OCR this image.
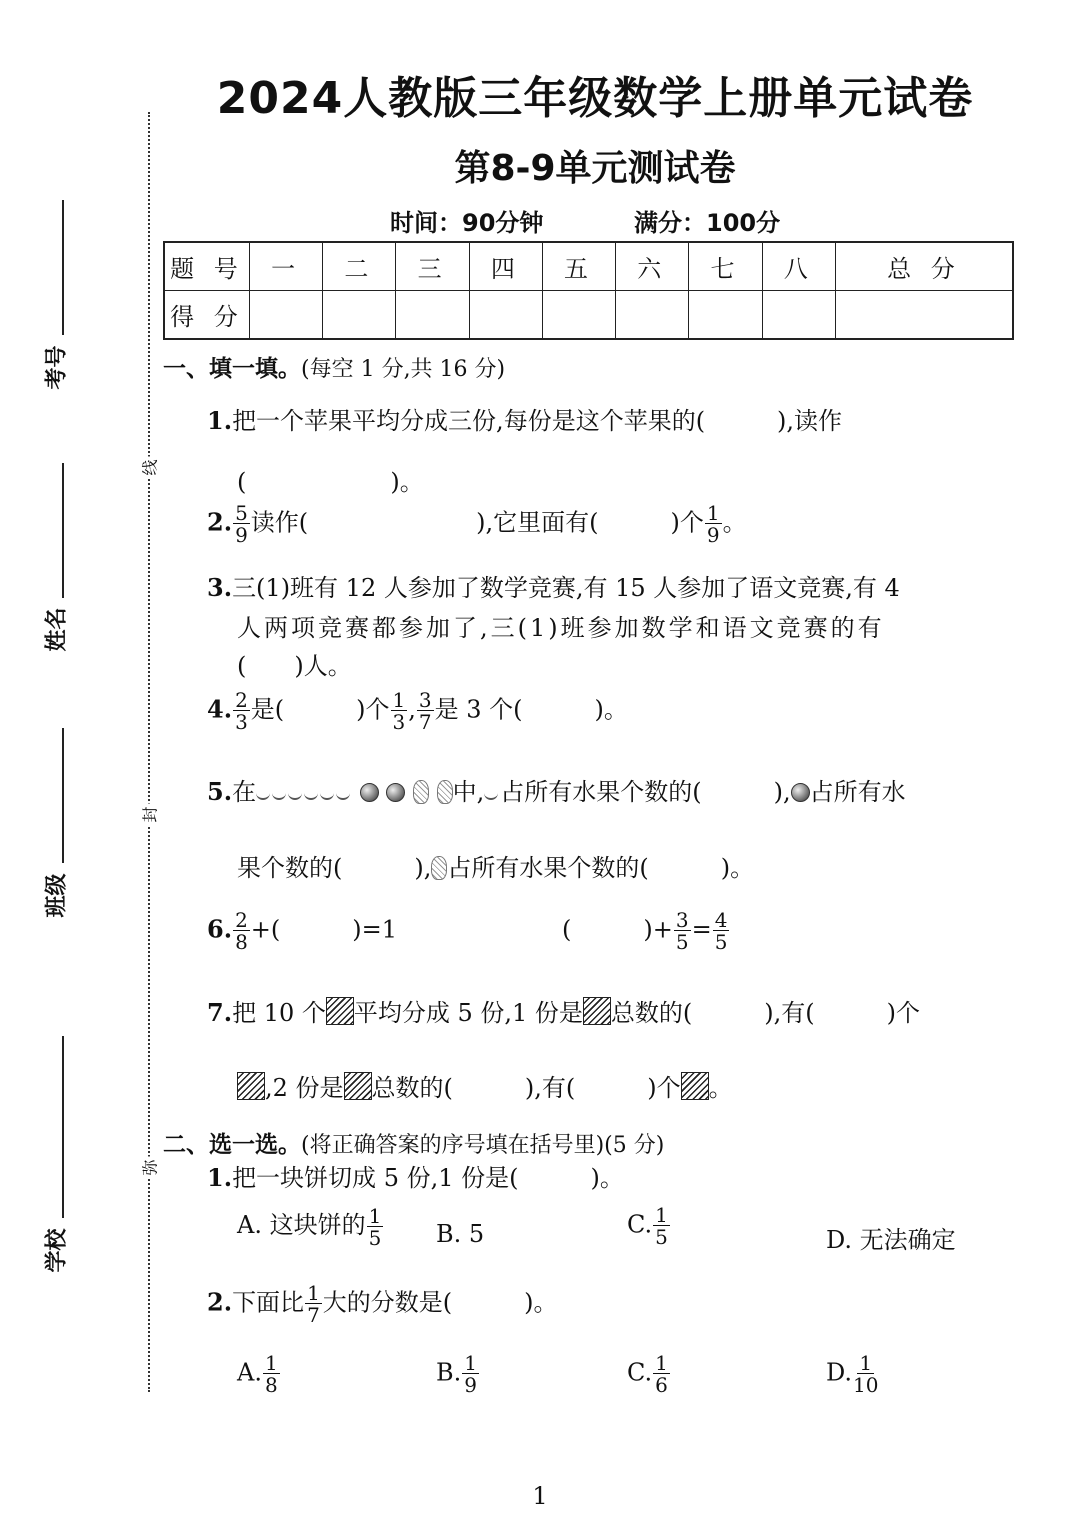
2024人教版三年级数学上册单元试卷
第8-9单元测试卷
时间：90分钟	满分：100分
题 号	一	二	三	四	五	六	七	八	总 分
得 分									
线
封
弥
考号
姓名
班级
学校
一、填一填。(每空 1 分,共 16 分)
1.把一个苹果平均分成三份,每份是这个苹果的(　　　),读作
(　　　　　　)。
2. $\frac{5}{9}$ 读作(　　　　　　　),它里面有(　　　)个 $\frac{1}{9}$ 。
3.三(1)班有 12 人参加了数学竞赛,有 15 人参加了语文竞赛,有 4
人两项竞赛都参加了,三(1)班参加数学和语文竞赛的有
(　　)人。
4. $\frac{2}{3}$ 是(　　　)个 $\frac{1}{3}$ , $\frac{3}{7}$ 是 3 个(　　　)。
5.在	中, 占所有水果个数的(　　　), 占所有水
果个数的(　　　), 占所有水果个数的(　　　)。
6. $\frac{2}{8}$ +(　　　)=1	(　　　)+ $\frac{3}{5} = \frac{4}{5}$
7.把 10 个 平均分成 5 份,1 份是 总数的(　　　),有(　　　)个
,2 份是 总数的(　　　),有(　　　)个 。
二、选一选。(将正确答案的序号填在括号里)(5 分)
1.把一块饼切成 5 份,1 份是(　　　)。
A. 这块饼的 $\frac{1}{5} B$. 5	C. $\frac{1}{5}$	D. 无法确定
2.下面比 $\frac{1}{7}$ 大的分数是(　　　)。
A. $\frac{1}{8}$	B. $\frac{1}{9}$	C. $\frac{1}{6}$	D. $\frac{1}{10}$
1
